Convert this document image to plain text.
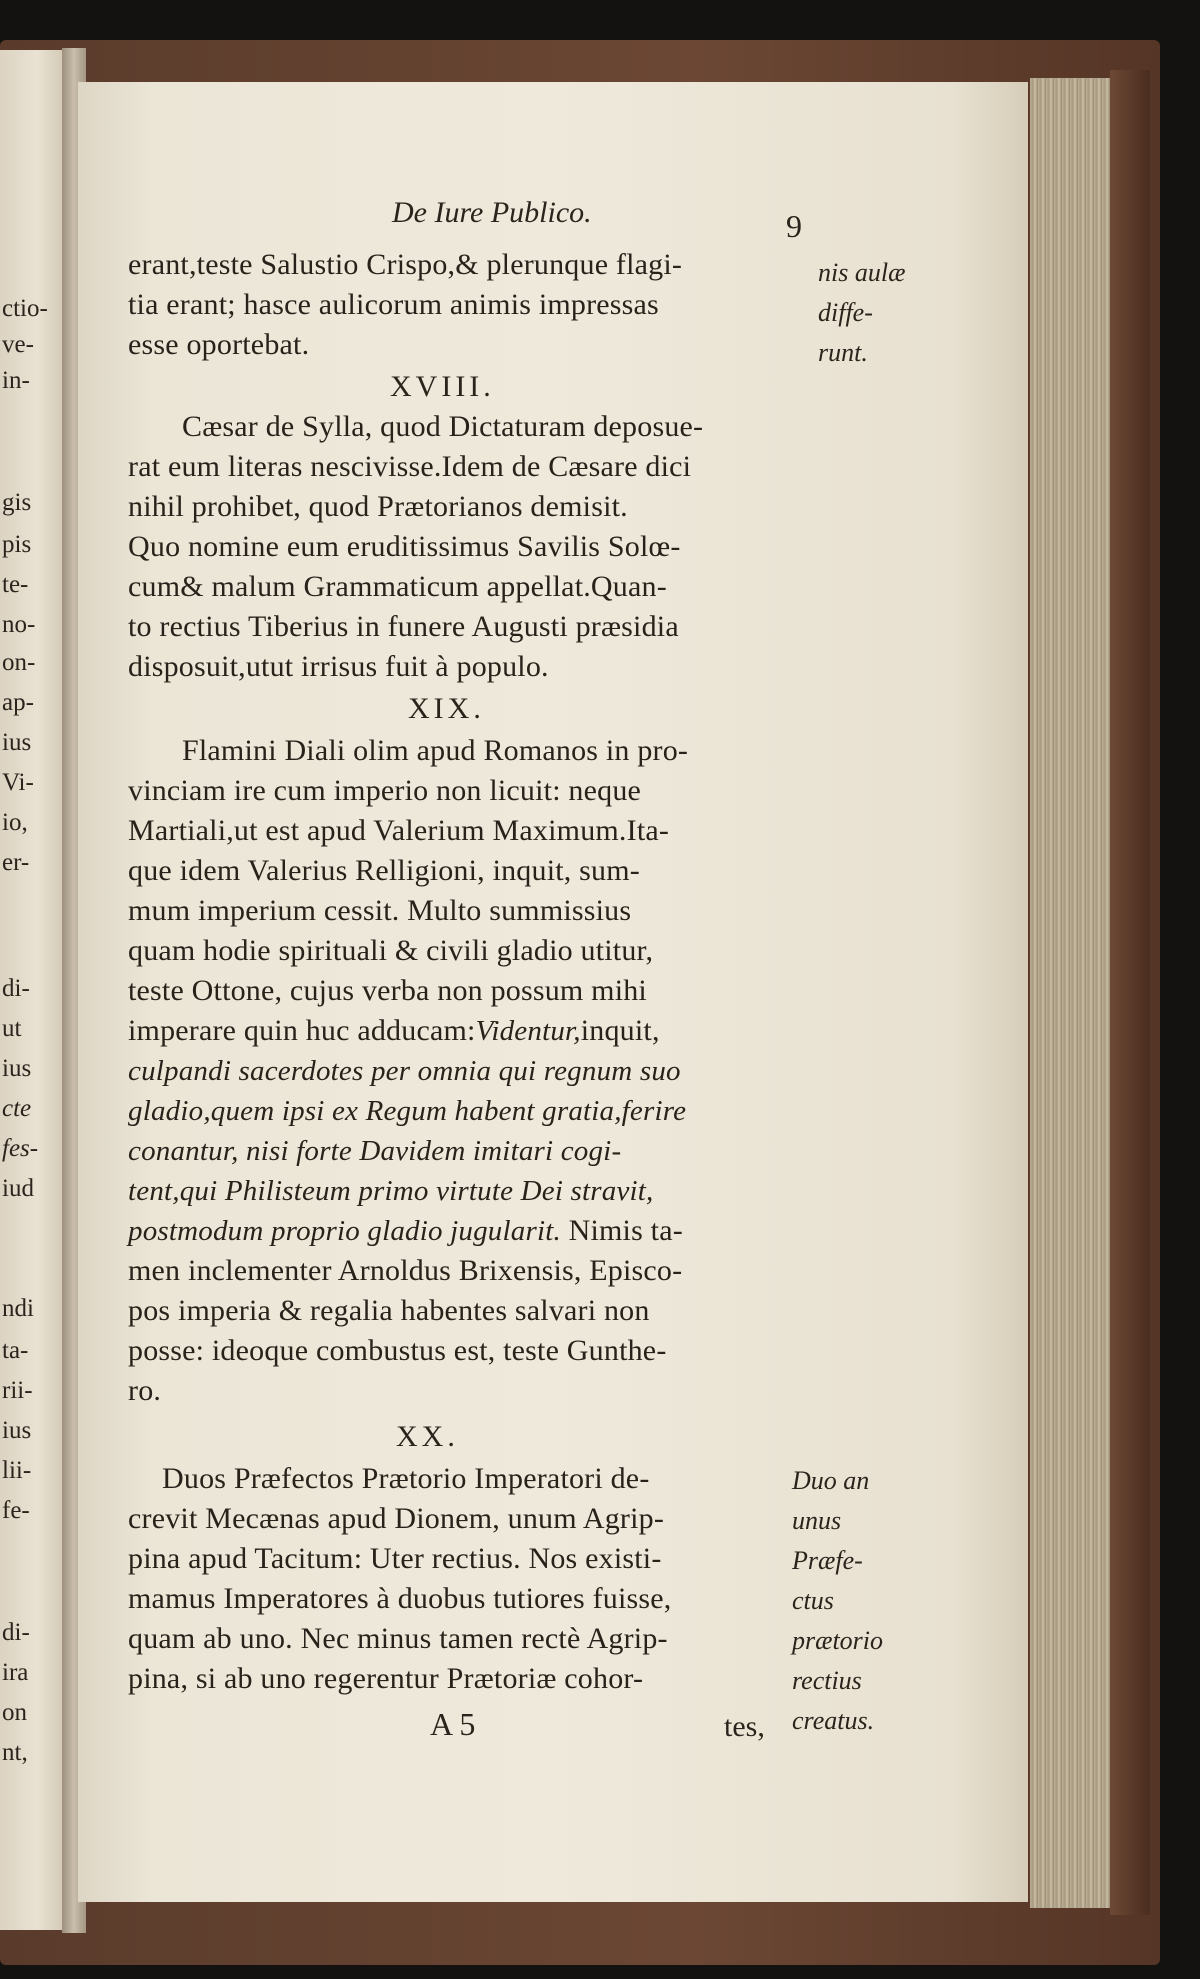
ctio-
ve-
in-
gis
pis
te-
no-
on-
ap-
ius
Vi-
io,
er-
di-
ut
ius
cte
fes-
iud
ndi
ta-
rii-
ius
lii-
fe-
di-
ira
on
nt,
De Iure Publico.	9
erant,teste Salustio Crispo,& plerunque flagi-
tia erant; hasce aulicorum animis impressas
esse oportebat.
XVIII.
Cæsar de Sylla, quod Dictaturam deposue-
rat eum literas nescivisse.Idem de Cæsare dici
nihil prohibet, quod Prætorianos demisit.
Quo nomine eum eruditissimus Savilis Solœ-
cum& malum Grammaticum appellat.Quan-
to rectius Tiberius in funere Augusti præsidia
disposuit,utut irrisus fuit à populo.
XIX.
Flamini Diali olim apud Romanos in pro-
vinciam ire cum imperio non licuit: neque
Martiali,ut est apud Valerium Maximum.Ita-
que idem Valerius Relligioni, inquit, sum-
mum imperium cessit. Multo summissius
quam hodie spirituali & civili gladio utitur,
teste Ottone, cujus verba non possum mihi
imperare quin huc adducam:Videntur,inquit,
culpandi sacerdotes per omnia qui regnum suo
gladio,quem ipsi ex Regum habent gratia,ferire
conantur, nisi forte Davidem imitari cogi-
tent,qui Philisteum primo virtute Dei stravit,
postmodum proprio gladio jugularit. Nimis ta-
men inclementer Arnoldus Brixensis, Episco-
pos imperia & regalia habentes salvari non
posse: ideoque combustus est, teste Gunthe-
ro.
XX.
Duos Præfectos Prætorio Imperatori de-
crevit Mecænas apud Dionem, unum Agrip-
pina apud Tacitum: Uter rectius. Nos existi-
mamus Imperatores à duobus tutiores fuisse,
quam ab uno. Nec minus tamen rectè Agrip-
pina, si ab uno regerentur Prætoriæ cohor-
nis aulæ
diffe-
runt.
Duo an
unus
Præfe-
ctus
prætorio
rectius
creatus.
A 5	tes,
